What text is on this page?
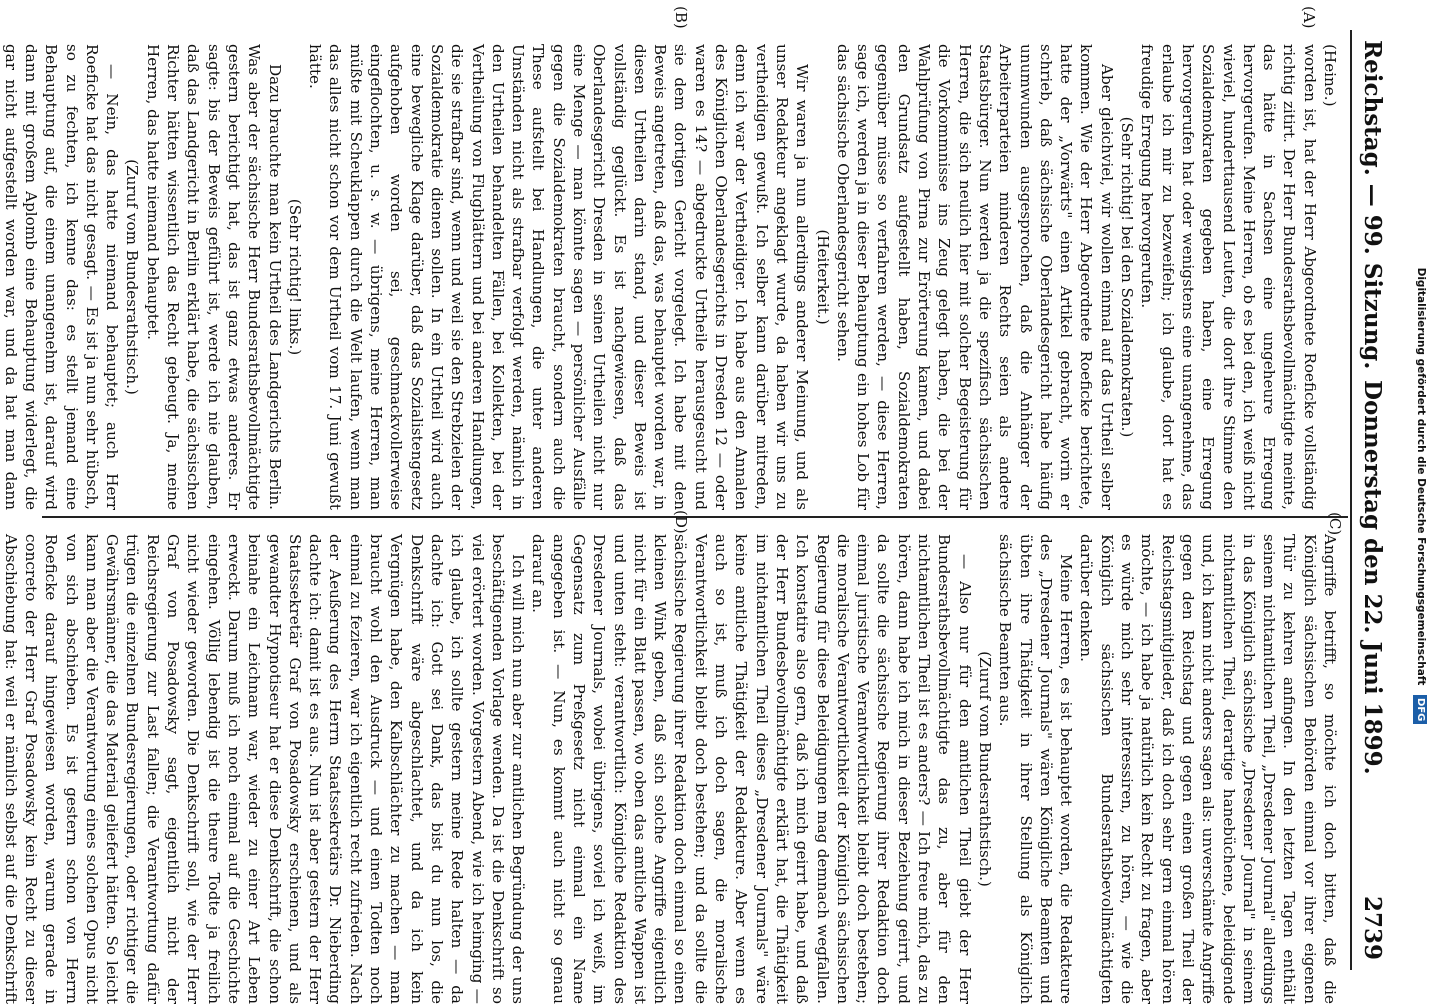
Reichstag. — 99. Sitzung.
Donnerstag den 22. Juni 1899.
2739
(A)
(B)
(C)
(D)

(Heine.)

worden ist, hat der Herr Abgeordnete Roeficke vollständig richtig zitirt. Der Herr Bundesrathsbevollmächtigte meinte, das hätte in Sachsen eine ungeheure Erregung hervorgerufen. Meine Herren, ob es bei den, ich weiß nicht wieviel, hunderttausend Leuten, die dort ihre Stimme den Sozialdemokraten gegeben haben, eine Erregung hervorgerufen hat oder wenigstens eine unangenehme, das erlaube ich mir zu bezweifeln; ich glaube, dort hat es freudige Erregung hervorgerufen.

(Sehr richtig! bei den Sozialdemokraten.)

Aber gleichviel, wir wollen einmal auf das Urtheil selber kommen. Wie der Herr Abgeordnete Roeficke berichtete, hatte der „Vorwärts" einen Artikel gebracht, worin er schrieb, daß sächsische Oberlandesgericht habe häufig unumwunden ausgesprochen, daß die Anhänger der Arbeiterparteien minderen Rechts seien als andere Staatsbürger. Nun werden ja die spezifisch sächsischen Herren, die sich neulich hier mit solcher Begeisterung für die Vorkommnisse ins Zeug gelegt haben, die bei der Wahlprüfung von Pirna zur Erörterung kamen, und dabei den Grundsatz aufgestellt haben, Sozialdemokraten gegenüber müsse so verfahren werden, — diese Herren, sage ich, werden ja in dieser Behauptung ein hohes Lob für das sächsische Oberlandesgericht sehen.

(Heiterkeit.)

Wir waren ja nun allerdings anderer Meinung, und als unser Redakteur angeklagt wurde, da haben wir uns zu vertheidigen gewußt. Ich selber kann darüber mitreden, denn ich war der Vertheidiger. Ich habe aus den Annalen des Königlichen Oberlandesgerichts in Dresden 12 — oder waren es 14? — abgedruckte Urtheile herausgesucht und sie dem dortigen Gericht vorgelegt. Ich habe mit den Beweis angetreten, daß das, was behauptet worden war, in diesen Urtheilen darin stand, und dieser Beweis ist vollständig geglückt. Es ist nachgewiesen, daß das Oberlandesgericht Dresden in seinen Urtheilen nicht nur eine Menge — man könnte sagen — persönlicher Ausfälle gegen die Sozialdemokraten braucht, sondern auch die These aufstellt bei Handlungen, die unter anderen Umständen nicht als strafbar verfolgt werden, nämlich in den Urtheilen behandelten Fällen, bei Kollekten, bei der Vertheilung von Flugblättern und bei anderen Handlungen, die sie strafbar sind, wenn und weil sie den Strebzielen der Sozialdemokratie dienen sollen. In ein Urtheil wird auch eine bewegliche Klage darüber, daß das Sozialistengesetz aufgehoben worden sei, geschmackvollerweise eingeflochten, u. s. w. — übrigens, meine Herren, man müßte mit Scheuklappen durch die Welt laufen, wenn man das alles nicht schon vor dem Urtheil vom 17. Juni gewußt hätte.

(Sehr richtig! links.)

Dazu brauchte man kein Urtheil des Landgerichts Berlin. Was aber der sächsische Herr Bundesrathsbevollmächtigte gestern berichtigt hat, das ist ganz etwas anderes. Er sagte: bis der Beweis geführt ist, werde ich nie glauben, daß das Landgericht in Berlin erklärt habe, die sächsischen Richter hätten wissentlich das Recht gebeugt. Ja, meine Herren, das hatte niemand behauptet.

(Zuruf vom Bundesrathstisch.)

— Nein, das hatte niemand behauptet; auch Herr Roeficke hat das nicht gesagt. — Es ist ja nun sehr hübsch, so zu fechten, ich kenne das: es stellt jemand eine Behauptung auf, die einem unangenehm ist, darauf wird dann mit großem Aplomb eine Behauptung widerlegt, die gar nicht aufgestellt worden war, und da hat man dann

Angriffe betrifft, so möchte ich doch bitten, daß die Königlich sächsischen Behörden einmal vor ihrer eigenen Thür zu kehren anfingen. In den letzten Tagen enthält seinem nichtamtlichen Theil, „Dresdener Journal" allerdings in das Königlich sächsische „Dresdener Journal" in seinem nichtamtlichen Theil, derartige hanebüchene, beleidigende und, ich kann nicht anders sagen als: unverschämte Angriffe gegen den Reichstag und gegen einen großen Theil der Reichstagsmitglieder, daß ich doch sehr gern einmal hören möchte, — ich habe ja natürlich kein Recht zu fragen, aber es würde mich sehr interessiren, zu hören, — wie die Königlich sächsischen Bundesrathsbevollmächtigten darüber denken.

Meine Herren, es ist behauptet worden, die Redakteure des „Dresdener Journals" wären Königliche Beamten und übten ihre Thätigkeit in ihrer Stellung als Königlich sächsische Beamten aus.

(Zuruf vom Bundesrathstisch.)

— Also nur für den amtlichen Theil giebt der Herr Bundesrathsbevollmächtigte das zu, aber für den nichtamtlichen Theil ist es anders? — Ich freue mich, das zu hören, dann habe ich mich in dieser Beziehung geirrt, und da sollte die sächsische Regierung ihrer Redaktion doch einmal juristische Verantwortlichkeit bleibt doch bestehen; die moralische Verantwortlichkeit der Königlich sächsischen Regierung für diese Beleidigungen mag demnach wegfallen. Ich konstatire also gern, daß ich mich geirrt habe, und daß der Herr Bundesbevollmächtigte erklärt hat, die Thätigkeit im nichtamtlichen Theil dieses „Dresdener Journals" wäre keine amtliche Thätigkeit der Redakteure. Aber wenn es auch so ist, muß ich doch sagen, die moralische Verantwortlichkeit bleibt doch bestehen; und da sollte die sächsische Regierung ihrer Redaktion doch einmal so einen kleinen Wink geben, daß sich solche Angriffe eigentlich nicht für ein Blatt passen, wo oben das amtliche Wappen ist und unten steht: verantwortlich: Königliche Redaktion des Dresdener Journals, wobei übrigens, soviel ich weiß, im Gegensatz zum Preßgesetz nicht einmal ein Name angegeben ist. — Nun, es kommt auch nicht so genau darauf an.

Ich will mich nun aber zur amtlichen Begründung der uns beschäftigenden Vorlage wenden. Da ist die Denkschrift so viel erörtert worden. Vorgestern Abend, wie ich heimging — ich glaube, ich sollte gestern meine Rede halten — da dachte ich: Gott sei Dank, das bist du nun los, die Denkschrift wäre abgeschlachtet, und da ich kein Vergnügen habe, den Kalbschlächter zu machen — man braucht wohl den Ausdruck — und einen Todten noch einmal zu fezieren, war ich eigentlich recht zufrieden. Nach der Aeußerung des Herrn Staatssekretärs Dr. Nieberding dachte ich: damit ist es aus. Nun ist aber gestern der Herr Staatssekretär Graf von Posadowsky erschienen, und als gewandter Hypnotiseur hat er diese Denkschrift, die schon beinahe ein Leichnam war, wieder zu einer Art Leben erweckt. Darum muß ich noch einmal auf die Geschichte eingehen. Völlig lebendig ist die theure Todte ja freilich nicht wieder geworden. Die Denkschrift soll, wie der Herr Graf von Posadowsky sagt, eigentlich nicht der Reichsregierung zur Last fallen; die Verantwortung dafür trügen die einzelnen Bundesregierungen, oder richtiger die Gewährsmänner, die das Material geliefert hätten. So leicht kann man aber die Verantwortung eines solchen Opus nicht von sich abschieben. Es ist gestern schon von Herrn Roeficke darauf hingewiesen worden, warum gerade in concreto der Herr Graf Posadowsky kein Recht zu dieser Abschiebung hat: weil er nämlich selbst auf die Denkschrift

Digitalisierung gefördert durch die Deutsche Forschungsgemeinschaft DFG
